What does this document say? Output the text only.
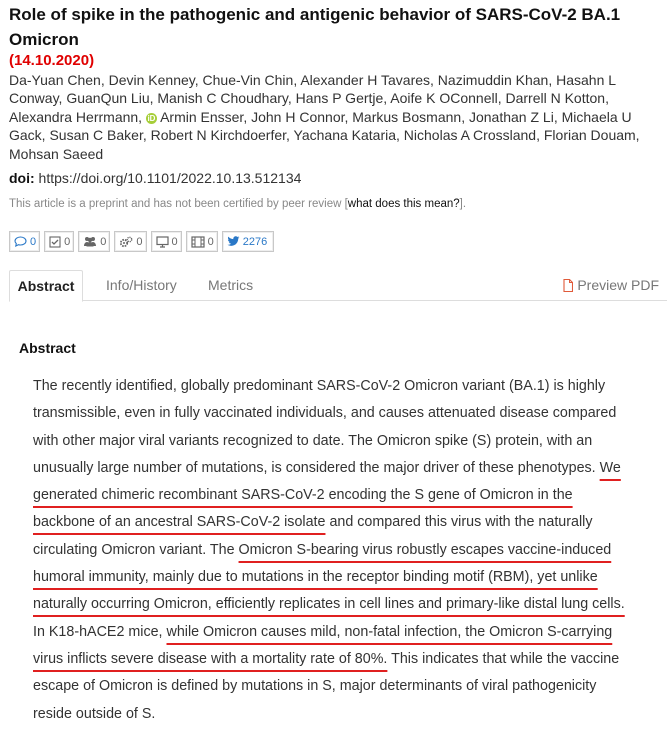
Role of spike in the pathogenic and antigenic behavior of SARS-CoV-2 BA.1 Omicron
(14.10.2020)
Da-Yuan Chen, Devin Kenney, Chue-Vin Chin, Alexander H Tavares, Nazimuddin Khan, Hasahn L Conway, GuanQun Liu, Manish C Choudhary, Hans P Gertje, Aoife K OConnell, Darrell N Kotton, Alexandra Herrmann, iD Armin Ensser, John H Connor, Markus Bosmann, Jonathan Z Li, Michaela U Gack, Susan C Baker, Robert N Kirchdoerfer, Yachana Kataria, Nicholas A Crossland, Florian Douam, Mohsan Saeed
doi: https://doi.org/10.1101/2022.10.13.512134
This article is a preprint and has not been certified by peer review [what does this mean?].
0	0	0	0	0	0	2276
Abstract	Info/History Metrics	Preview PDF
Abstract
The recently identified, globally predominant SARS-CoV-2 Omicron variant (BA.1) is highly
transmissible, even in fully vaccinated individuals, and causes attenuated disease compared
with other major viral variants recognized to date. The Omicron spike (S) protein, with an
unusually large number of mutations, is considered the major driver of these phenotypes. We
generated chimeric recombinant SARS-CoV-2 encoding the S gene of Omicron in the
backbone of an ancestral SARS-CoV-2 isolate and compared this virus with the naturally
circulating Omicron variant. The Omicron S-bearing virus robustly escapes vaccine-induced
humoral immunity, mainly due to mutations in the receptor binding motif (RBM), yet unlike
naturally occurring Omicron, efficiently replicates in cell lines and primary-like distal lung cells.
In K18-hACE2 mice, while Omicron causes mild, non-fatal infection, the Omicron S-carrying
virus inflicts severe disease with a mortality rate of 80%. This indicates that while the vaccine
escape of Omicron is defined by mutations in S, major determinants of viral pathogenicity
reside outside of S.
